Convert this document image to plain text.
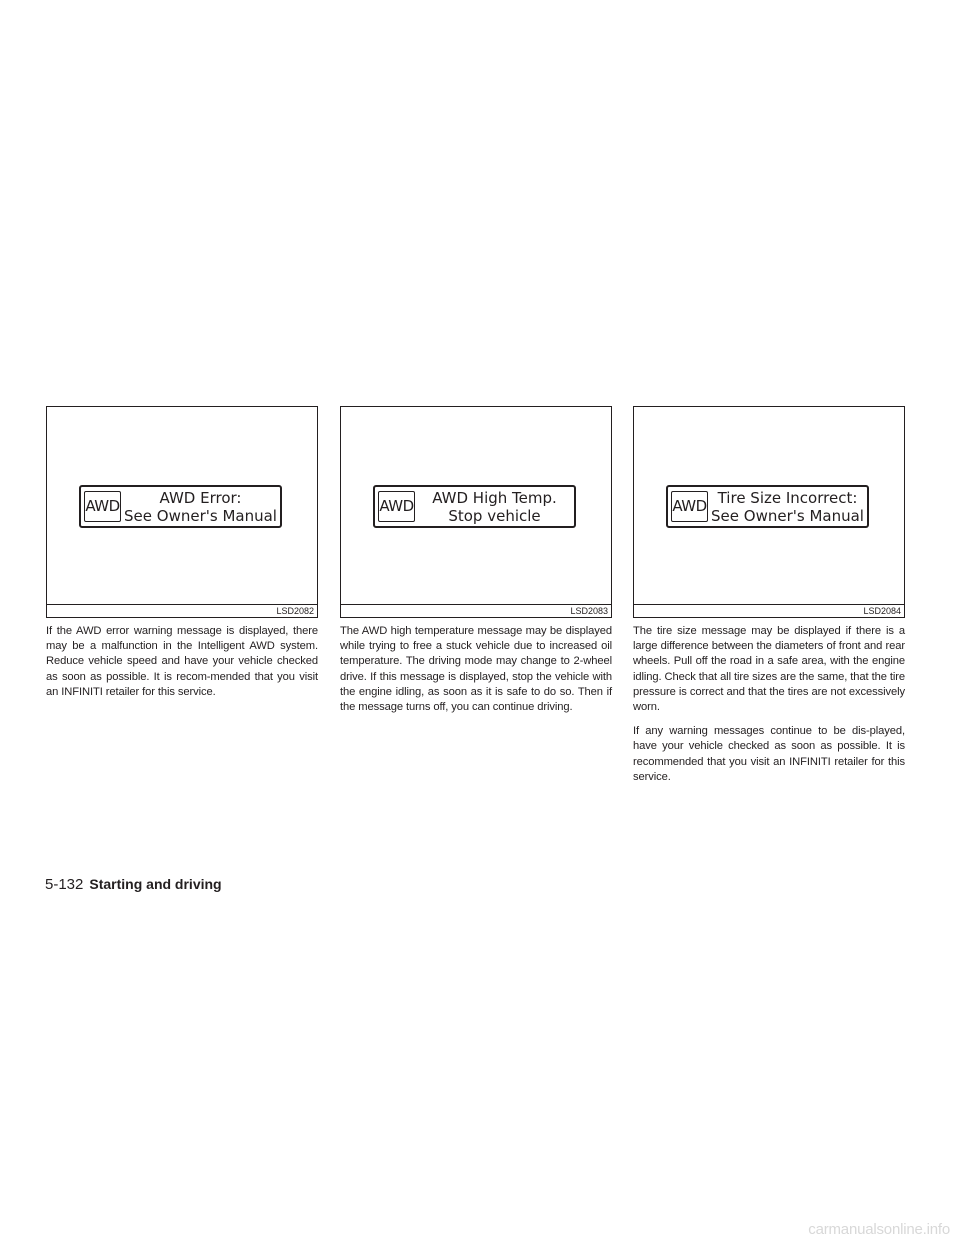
AWD	AWD Error:
See Owner's Manual
LSD2082

If the AWD error warning message is displayed, there may be a malfunction in the Intelligent AWD system. Reduce vehicle speed and have your vehicle checked as soon as possible. It is recom-mended that you visit an INFINITI retailer for this service.

AWD	AWD High Temp.
Stop vehicle
LSD2083

The AWD high temperature message may be displayed while trying to free a stuck vehicle due to increased oil temperature. The driving mode may change to 2-wheel drive. If this message is displayed, stop the vehicle with the engine idling, as soon as it is safe to do so. Then if the message turns off, you can continue driving.

AWD Tire Size Incorrect:
See Owner's Manual
LSD2084

The tire size message may be displayed if there is a large difference between the diameters of front and rear wheels. Pull off the road in a safe area, with the engine idling. Check that all tire sizes are the same, that the tire pressure is correct and that the tires are not excessively worn.

If any warning messages continue to be dis-played, have your vehicle checked as soon as possible. It is recommended that you visit an INFINITI retailer for this service.

5-132 Starting and driving
carmanualsonline.info
